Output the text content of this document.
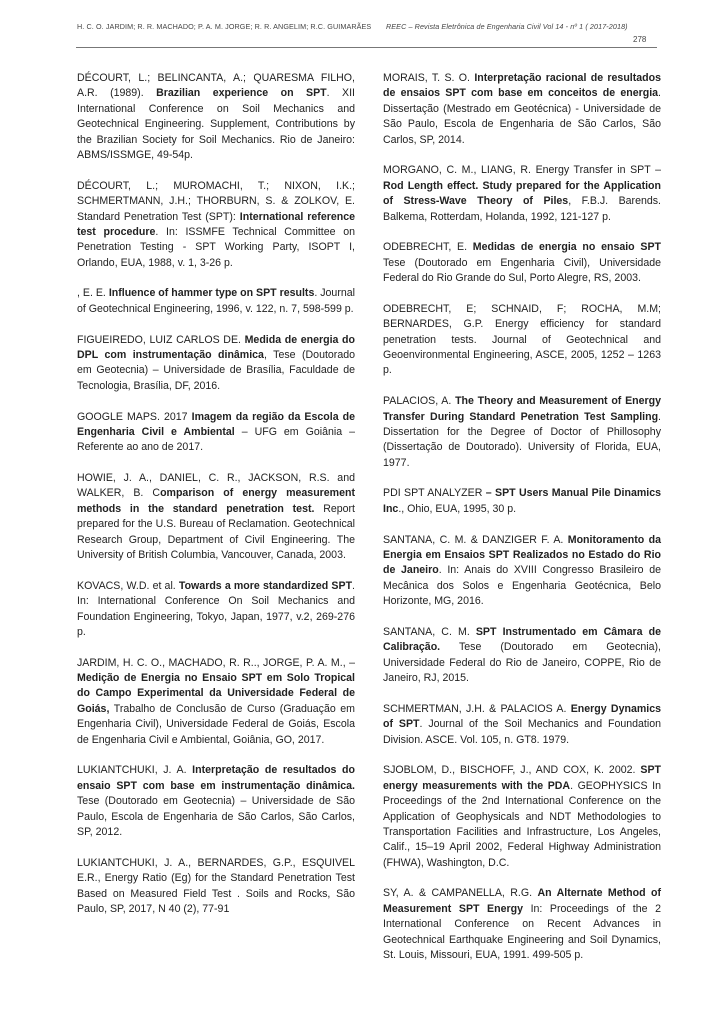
H. C. O. JARDIM; R. R. MACHADO; P. A. M. JORGE; R. R. ANGELIM; R.C. GUIMARÃES REEC – Revista Eletrônica de Engenharia Civil Vol 14 - nº 1 ( 2017-2018)
278

DÉCOURT, L.; BELINCANTA, A.; QUARESMA FILHO, A.R. (1989). Brazilian experience on SPT. XII International Conference on Soil Mechanics and Geotechnical Engineering. Supplement, Contributions by the Brazilian Society for Soil Mechanics. Rio de Janeiro: ABMS/ISSMGE, 49-54p.

DÉCOURT, L.; MUROMACHI, T.; NIXON, I.K.; SCHMERTMANN, J.H.; THORBURN, S. & ZOLKOV, E. Standard Penetration Test (SPT): International reference test procedure. In: ISSMFE Technical Committee on Penetration Testing - SPT Working Party, ISOPT I, Orlando, EUA, 1988, v. 1, 3-26 p.

, E. E. Influence of hammer type on SPT results. Journal of Geotechnical Engineering, 1996, v. 122, n. 7, 598-599 p.

FIGUEIREDO, LUIZ CARLOS DE. Medida de energia do DPL com instrumentação dinâmica, Tese (Doutorado em Geotecnia) – Universidade de Brasília, Faculdade de Tecnologia, Brasília, DF, 2016.

GOOGLE MAPS. 2017 Imagem da região da Escola de Engenharia Civil e Ambiental – UFG em Goiânia – Referente ao ano de 2017.

HOWIE, J. A., DANIEL, C. R., JACKSON, R.S. and WALKER, B. Comparison of energy measurement methods in the standard penetration test. Report prepared for the U.S. Bureau of Reclamation. Geotechnical Research Group, Department of Civil Engineering. The University of British Columbia, Vancouver, Canada, 2003.

KOVACS, W.D. et al. Towards a more standardized SPT. In: International Conference On Soil Mechanics and Foundation Engineering, Tokyo, Japan, 1977, v.2, 269-276 p.

JARDIM, H. C. O., MACHADO, R. R.., JORGE, P. A. M., – Medição de Energia no Ensaio SPT em Solo Tropical do Campo Experimental da Universidade Federal de Goiás, Trabalho de Conclusão de Curso (Graduação em Engenharia Civil), Universidade Federal de Goiás, Escola de Engenharia Civil e Ambiental, Goiânia, GO, 2017.

LUKIANTCHUKI, J. A. Interpretação de resultados do ensaio SPT com base em instrumentação dinâmica. Tese (Doutorado em Geotecnia) – Universidade de São Paulo, Escola de Engenharia de São Carlos, São Carlos, SP, 2012.

LUKIANTCHUKI, J. A., BERNARDES, G.P., ESQUIVEL E.R., Energy Ratio (Eg) for the Standard Penetration Test Based on Measured Field Test . Soils and Rocks, São Paulo, SP, 2017, N 40 (2), 77-91

MORAIS, T. S. O. Interpretação racional de resultados de ensaios SPT com base em conceitos de energia. Dissertação (Mestrado em Geotécnica) - Universidade de São Paulo, Escola de Engenharia de São Carlos, São Carlos, SP, 2014.

MORGANO, C. M., LIANG, R. Energy Transfer in SPT – Rod Length effect. Study prepared for the Application of Stress-Wave Theory of Piles, F.B.J. Barends. Balkema, Rotterdam, Holanda, 1992, 121-127 p.

ODEBRECHT, E. Medidas de energia no ensaio SPT Tese (Doutorado em Engenharia Civil), Universidade Federal do Rio Grande do Sul, Porto Alegre, RS, 2003.

ODEBRECHT, E; SCHNAID, F; ROCHA, M.M; BERNARDES, G.P. Energy efficiency for standard penetration tests. Journal of Geotechnical and Geoenvironmental Engineering, ASCE, 2005, 1252 – 1263 p.

PALACIOS, A. The Theory and Measurement of Energy Transfer During Standard Penetration Test Sampling. Dissertation for the Degree of Doctor of Phillosophy (Dissertação de Doutorado). University of Florida, EUA, 1977.

PDI SPT ANALYZER – SPT Users Manual Pile Dinamics Inc., Ohio, EUA, 1995, 30 p.

SANTANA, C. M. & DANZIGER F. A. Monitoramento da Energia em Ensaios SPT Realizados no Estado do Rio de Janeiro. In: Anais do XVIII Congresso Brasileiro de Mecânica dos Solos e Engenharia Geotécnica, Belo Horizonte, MG, 2016.

SANTANA, C. M. SPT Instrumentado em Câmara de Calibração. Tese (Doutorado em Geotecnia), Universidade Federal do Rio de Janeiro, COPPE, Rio de Janeiro, RJ, 2015.

SCHMERTMAN, J.H. & PALACIOS A. Energy Dynamics of SPT. Journal of the Soil Mechanics and Foundation Division. ASCE. Vol. 105, n. GT8. 1979.

SJOBLOM, D., BISCHOFF, J., AND COX, K. 2002. SPT energy measurements with the PDA. GEOPHYSICS In Proceedings of the 2nd International Conference on the Application of Geophysicals and NDT Methodologies to Transportation Facilities and Infrastructure, Los Angeles, Calif., 15–19 April 2002, Federal Highway Administration (FHWA), Washington, D.C.

SY, A. & CAMPANELLA, R.G. An Alternate Method of Measurement SPT Energy In: Proceedings of the 2 International Conference on Recent Advances in Geotechnical Earthquake Engineering and Soil Dynamics, St. Louis, Missouri, EUA, 1991. 499-505 p.
